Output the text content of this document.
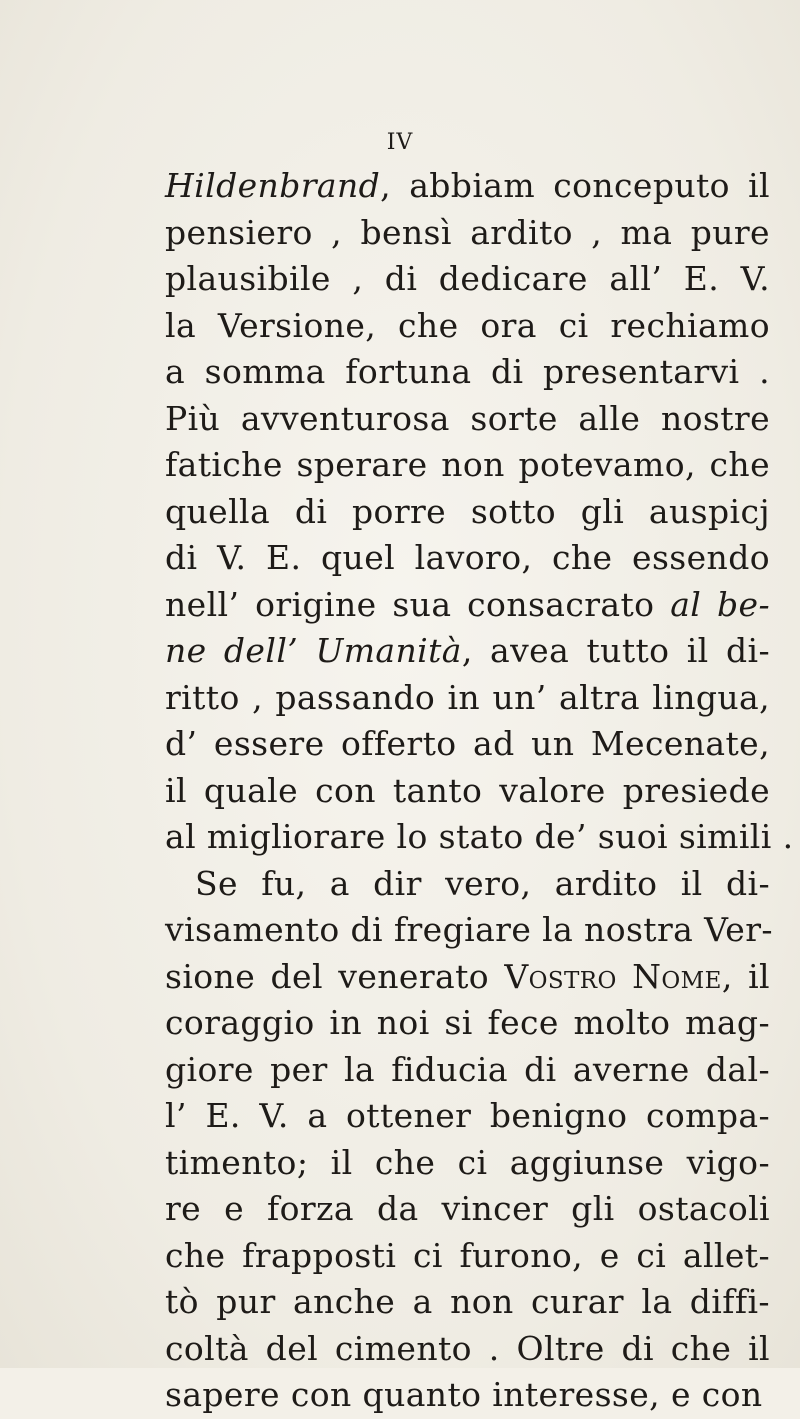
IV
Hildenbrand, abbiam conceputo il
pensiero , bensì ardito , ma pure
plausibile , di dedicare all’ E. V.
la Versione, che ora ci rechiamo
a somma fortuna di presentarvi .
Più avventurosa sorte alle nostre
fatiche sperare non potevamo, che
quella di porre sotto gli auspicj
di V. E. quel lavoro, che essendo
nell’ origine sua consacrato al be-
ne dell’ Umanità, avea tutto il di-
ritto , passando in un’ altra lingua,
d’ essere offerto ad un Mecenate,
il quale con tanto valore presiede
al migliorare lo stato de’ suoi simili .
Se fu, a dir vero, ardito il di-
visamento di fregiare la nostra Ver-
sione del venerato Vostro Nome, il
coraggio in noi si fece molto mag-
giore per la fiducia di averne dal-
l’ E. V. a ottener benigno compa-
timento; il che ci aggiunse vigo-
re e forza da vincer gli ostacoli
che frapposti ci furono, e ci allet-
tò pur anche a non curar la diffi-
coltà del cimento . Oltre di che il
sapere con quanto interesse, e con
